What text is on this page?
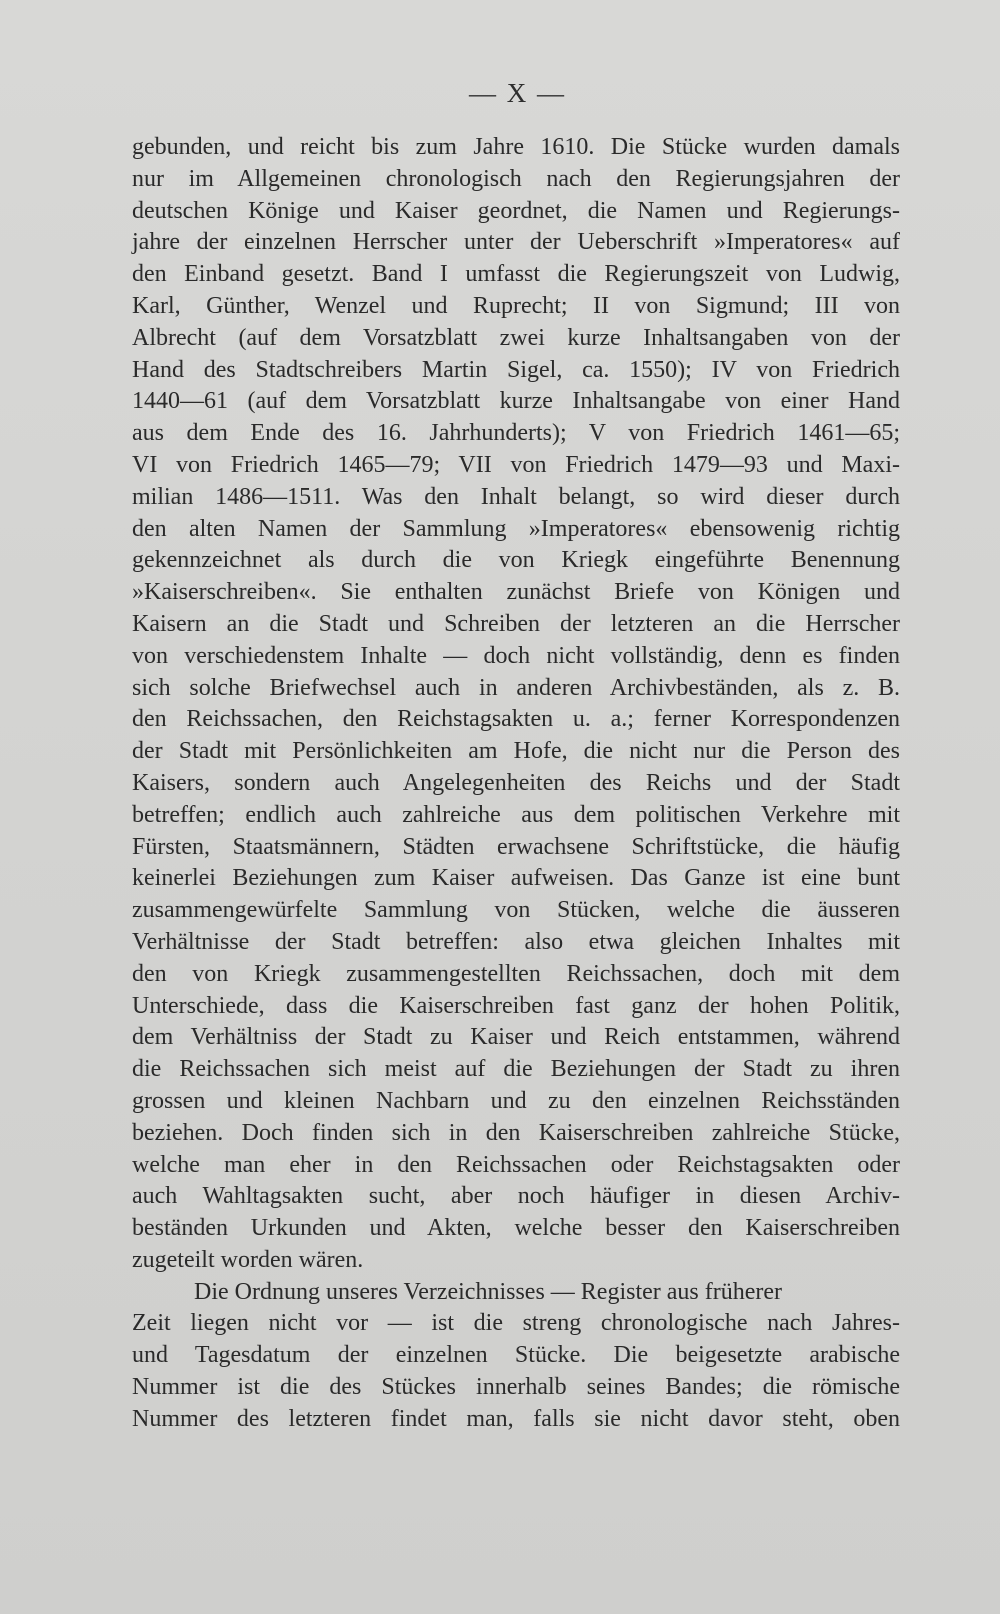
— X —
gebunden, und reicht bis zum Jahre 1610. Die Stücke wurden damals
nur im Allgemeinen chronologisch nach den Regierungsjahren der
deutschen Könige und Kaiser geordnet, die Namen und Regierungs-
jahre der einzelnen Herrscher unter der Ueberschrift »Imperatores« auf
den Einband gesetzt. Band I umfasst die Regierungszeit von Ludwig,
Karl, Günther, Wenzel und Ruprecht; II von Sigmund; III von
Albrecht (auf dem Vorsatzblatt zwei kurze Inhaltsangaben von der
Hand des Stadtschreibers Martin Sigel, ca. 1550); IV von Friedrich
1440—61 (auf dem Vorsatzblatt kurze Inhaltsangabe von einer Hand
aus dem Ende des 16. Jahrhunderts); V von Friedrich 1461—65;
VI von Friedrich 1465—79; VII von Friedrich 1479—93 und Maxi-
milian 1486—1511. Was den Inhalt belangt, so wird dieser durch
den alten Namen der Sammlung »Imperatores« ebensowenig richtig
gekennzeichnet als durch die von Kriegk eingeführte Benennung
»Kaiserschreiben«. Sie enthalten zunächst Briefe von Königen und
Kaisern an die Stadt und Schreiben der letzteren an die Herrscher
von verschiedenstem Inhalte — doch nicht vollständig, denn es finden
sich solche Briefwechsel auch in anderen Archivbeständen, als z. B.
den Reichssachen, den Reichstagsakten u. a.; ferner Korrespondenzen
der Stadt mit Persönlichkeiten am Hofe, die nicht nur die Person des
Kaisers, sondern auch Angelegenheiten des Reichs und der Stadt
betreffen; endlich auch zahlreiche aus dem politischen Verkehre mit
Fürsten, Staatsmännern, Städten erwachsene Schriftstücke, die häufig
keinerlei Beziehungen zum Kaiser aufweisen. Das Ganze ist eine bunt
zusammengewürfelte Sammlung von Stücken, welche die äusseren
Verhältnisse der Stadt betreffen: also etwa gleichen Inhaltes mit
den von Kriegk zusammengestellten Reichssachen, doch mit dem
Unterschiede, dass die Kaiserschreiben fast ganz der hohen Politik,
dem Verhältniss der Stadt zu Kaiser und Reich entstammen, während
die Reichssachen sich meist auf die Beziehungen der Stadt zu ihren
grossen und kleinen Nachbarn und zu den einzelnen Reichsständen
beziehen. Doch finden sich in den Kaiserschreiben zahlreiche Stücke,
welche man eher in den Reichssachen oder Reichstagsakten oder
auch Wahltagsakten sucht, aber noch häufiger in diesen Archiv-
beständen Urkunden und Akten, welche besser den Kaiserschreiben
zugeteilt worden wären.
Die Ordnung unseres Verzeichnisses — Register aus früherer
Zeit liegen nicht vor — ist die streng chronologische nach Jahres-
und Tagesdatum der einzelnen Stücke. Die beigesetzte arabische
Nummer ist die des Stückes innerhalb seines Bandes; die römische
Nummer des letzteren findet man, falls sie nicht davor steht, oben
